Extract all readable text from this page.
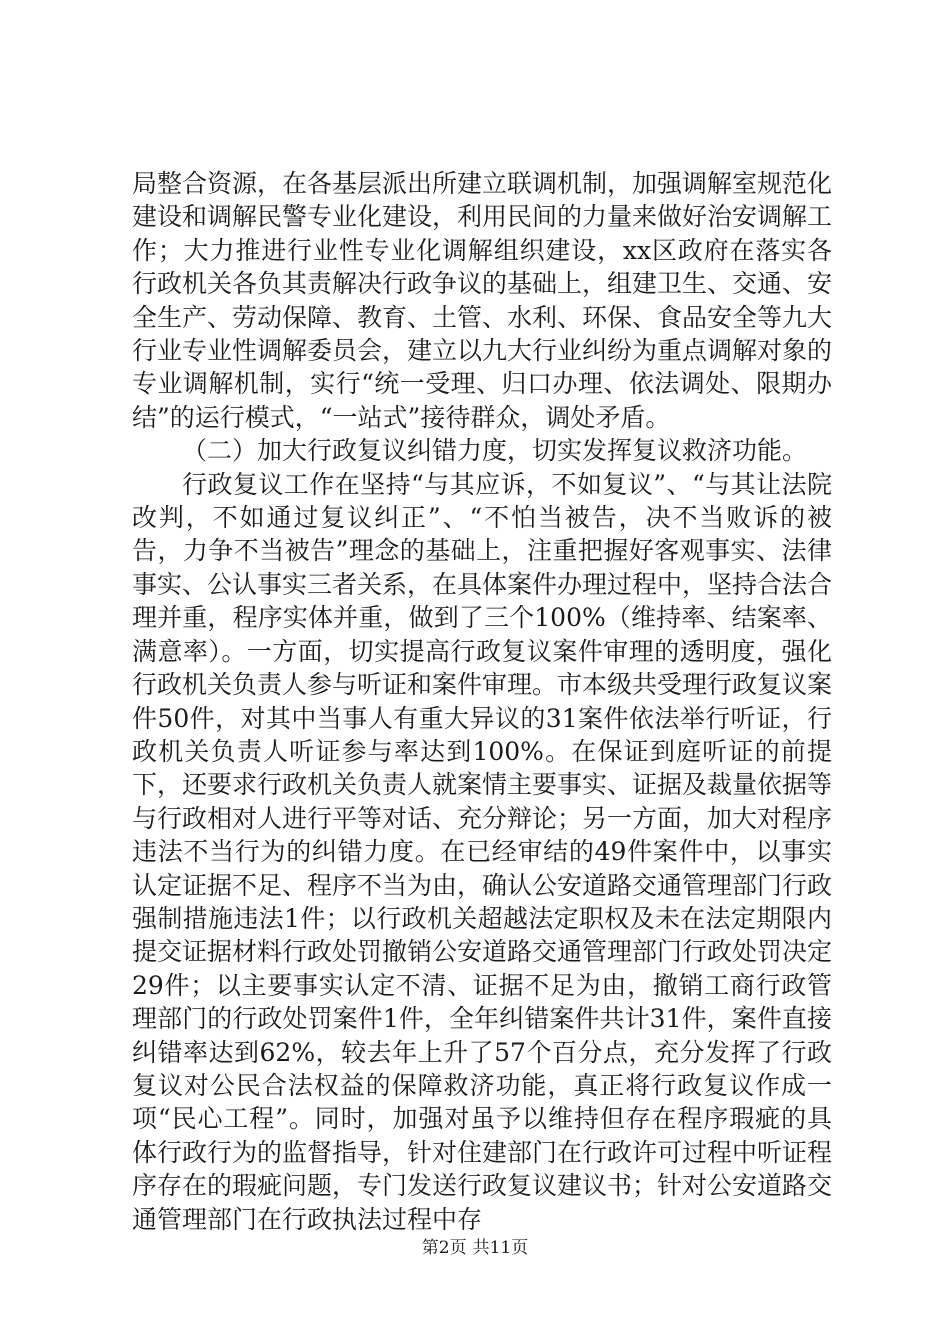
局整合资源，在各基层派出所建立联调机制，加强调解室规范化建设和调解民警专业化建设，利用民间的力量来做好治安调解工作；大力推进行业性专业化调解组织建设，xx区政府在落实各行政机关各负其责解决行政争议的基础上，组建卫生、交通、安全生产、劳动保障、教育、土管、水利、环保、食品安全等九大行业专业性调解委员会，建立以九大行业纠纷为重点调解对象的专业调解机制，实行“统一受理、归口办理、依法调处、限期办结”的运行模式，“一站式”接待群众，调处矛盾。

（二）加大行政复议纠错力度，切实发挥复议救济功能。

行政复议工作在坚持“与其应诉，不如复议”、“与其让法院改判，不如通过复议纠正”、“不怕当被告，决不当败诉的被告，力争不当被告”理念的基础上，注重把握好客观事实、法律事实、公认事实三者关系，在具体案件办理过程中，坚持合法合理并重，程序实体并重，做到了三个100%（维持率、结案率、满意率）。一方面，切实提高行政复议案件审理的透明度，强化行政机关负责人参与听证和案件审理。市本级共受理行政复议案件50件，对其中当事人有重大异议的31案件依法举行听证，行政机关负责人听证参与率达到100%。在保证到庭听证的前提下，还要求行政机关负责人就案情主要事实、证据及裁量依据等与行政相对人进行平等对话、充分辩论；另一方面，加大对程序违法不当行为的纠错力度。在已经审结的49件案件中，以事实认定证据不足、程序不当为由，确认公安道路交通管理部门行政强制措施违法1件；以行政机关超越法定职权及未在法定期限内提交证据材料行政处罚撤销公安道路交通管理部门行政处罚决定29件；以主要事实认定不清、证据不足为由，撤销工商行政管理部门的行政处罚案件1件，全年纠错案件共计31件，案件直接纠错率达到62%，较去年上升了57个百分点，充分发挥了行政复议对公民合法权益的保障救济功能，真正将行政复议作成一项“民心工程”。同时，加强对虽予以维持但存在程序瑕疵的具体行政行为的监督指导，针对住建部门在行政许可过程中听证程序存在的瑕疵问题，专门发送行政复议建议书；针对公安道路交通管理部门在行政执法过程中存

第2页 共11页
